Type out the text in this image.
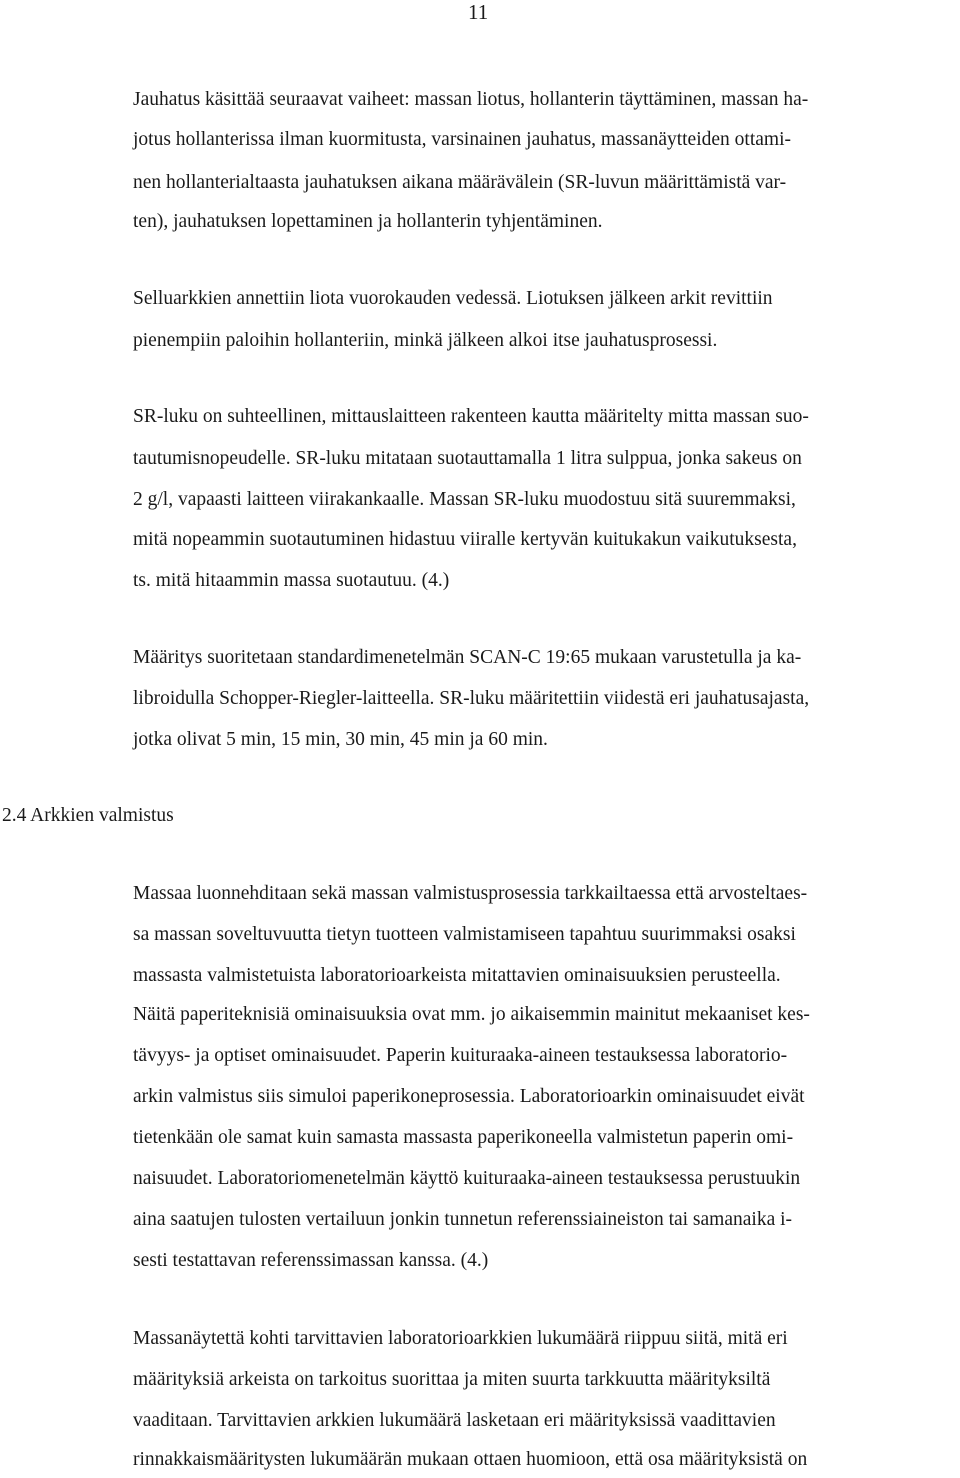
11
Jauhatus käsittää seuraavat vaiheet: massan liotus, hollanterin täyttäminen, massan ha-
jotus hollanterissa ilman kuormitusta, varsinainen jauhatus, massanäytteiden ottami-
nen hollanterialtaasta jauhatuksen aikana määrävälein (SR-luvun määrittämistä var-
ten), jauhatuksen lopettaminen ja hollanterin tyhjentäminen.
Selluarkkien annettiin liota vuorokauden vedessä. Liotuksen jälkeen arkit revittiin
pienempiin paloihin hollanteriin, minkä jälkeen alkoi itse jauhatusprosessi.
SR-luku on suhteellinen, mittauslaitteen rakenteen kautta määritelty mitta massan suo-
tautumisnopeudelle. SR-luku mitataan suotauttamalla 1 litra sulppua, jonka sakeus on
2 g/l, vapaasti laitteen viirakankaalle. Massan SR-luku muodostuu sitä suuremmaksi,
mitä nopeammin suotautuminen hidastuu viiralle kertyvän kuitukakun vaikutuksesta,
ts. mitä hitaammin massa suotautuu. (4.)
Määritys suoritetaan standardimenetelmän SCAN-C 19:65 mukaan varustetulla ja ka-
libroidulla Schopper-Riegler-laitteella. SR-luku määritettiin viidestä eri jauhatusajasta,
jotka olivat 5 min, 15 min, 30 min, 45 min ja 60 min.
2.4 Arkkien valmistus
Massaa luonnehditaan sekä massan valmistusprosessia tarkkailtaessa että arvosteltaes-
sa massan soveltuvuutta tietyn tuotteen valmistamiseen tapahtuu suurimmaksi osaksi
massasta valmistetuista laboratorioarkeista mitattavien ominaisuuksien perusteella.
Näitä paperiteknisiä ominaisuuksia ovat mm. jo aikaisemmin mainitut mekaaniset kes-
tävyys- ja optiset ominaisuudet. Paperin kuituraaka-aineen testauksessa laboratorio-
arkin valmistus siis simuloi paperikoneprosessia. Laboratorioarkin ominaisuudet eivät
tietenkään ole samat kuin samasta massasta paperikoneella valmistetun paperin omi-
naisuudet. Laboratoriomenetelmän käyttö kuituraaka-aineen testauksessa perustuukin
aina saatujen tulosten vertailuun jonkin tunnetun referenssiaineiston tai samanaika i-
sesti testattavan referenssimassan kanssa. (4.)
Massanäytettä kohti tarvittavien laboratorioarkkien lukumäärä riippuu siitä, mitä eri
määrityksiä arkeista on tarkoitus suorittaa ja miten suurta tarkkuutta määrityksiltä
vaaditaan. Tarvittavien arkkien lukumäärä lasketaan eri määrityksissä vaadittavien
rinnakkaismääritysten lukumäärän mukaan ottaen huomioon, että osa määrityksistä on
